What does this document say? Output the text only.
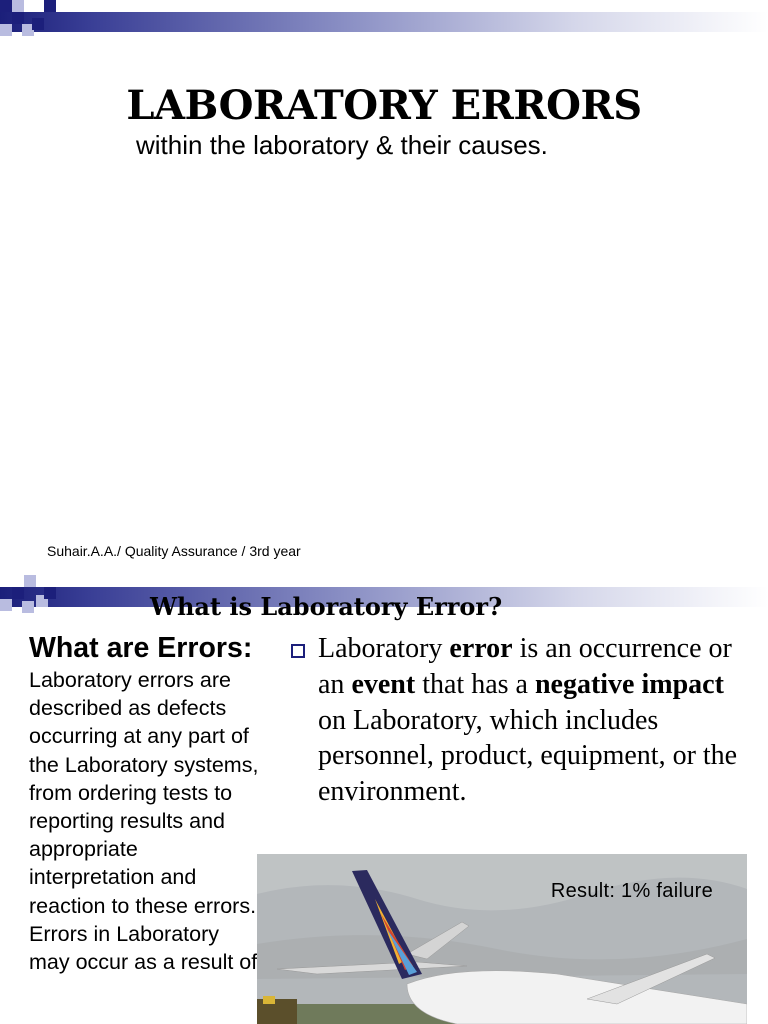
LABORATORY ERRORS
within the laboratory & their causes.
Suhair.A.A./ Quality Assurance / 3rd year
What is Laboratory Error?
What are Errors: Laboratory errors are described as defects occurring at any part of the Laboratory systems, from ordering tests to reporting results and appropriate interpretation and reaction to these errors. Errors in Laboratory may occur as a result of
Laboratory error is an occurrence or an event that has a negative impact on Laboratory, which includes personnel, product, equipment, or the environment.
Result: 1% failure
